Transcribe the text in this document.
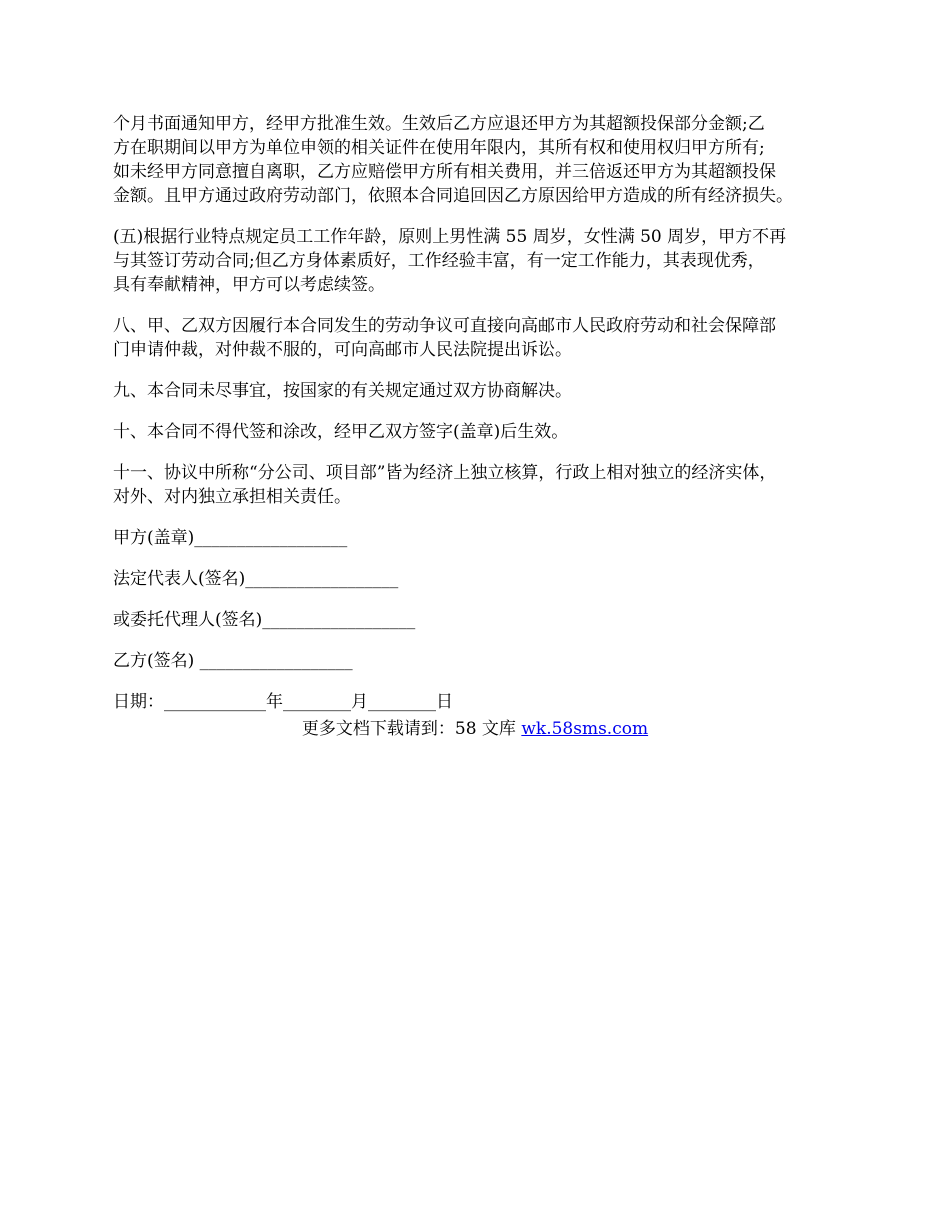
个月书面通知甲方，经甲方批准生效。生效后乙方应退还甲方为其超额投保部分金额;乙
方在职期间以甲方为单位申领的相关证件在使用年限内，其所有权和使用权归甲方所有;
如未经甲方同意擅自离职，乙方应赔偿甲方所有相关费用，并三倍返还甲方为其超额投保
金额。且甲方通过政府劳动部门，依照本合同追回因乙方原因给甲方造成的所有经济损失。

(五)根据行业特点规定员工工作年龄，原则上男性满 55 周岁，女性满 50 周岁，甲方不再
与其签订劳动合同;但乙方身体素质好，工作经验丰富，有一定工作能力，其表现优秀，
具有奉献精神，甲方可以考虑续签。

八、甲、乙双方因履行本合同发生的劳动争议可直接向高邮市人民政府劳动和社会保障部
门申请仲裁，对仲裁不服的，可向高邮市人民法院提出诉讼。

九、本合同未尽事宜，按国家的有关规定通过双方协商解决。

十、本合同不得代签和涂改，经甲乙双方签字(盖章)后生效。

十一、协议中所称“分公司、项目部”皆为经济上独立核算，行政上相对独立的经济实体，
对外、对内独立承担相关责任。

甲方(盖章)__________________

法定代表人(签名)__________________

或委托代理人(签名)__________________

乙方(签名) __________________

日期：____________年________月________日

更多文档下载请到：58 文库 wk.58sms.com
